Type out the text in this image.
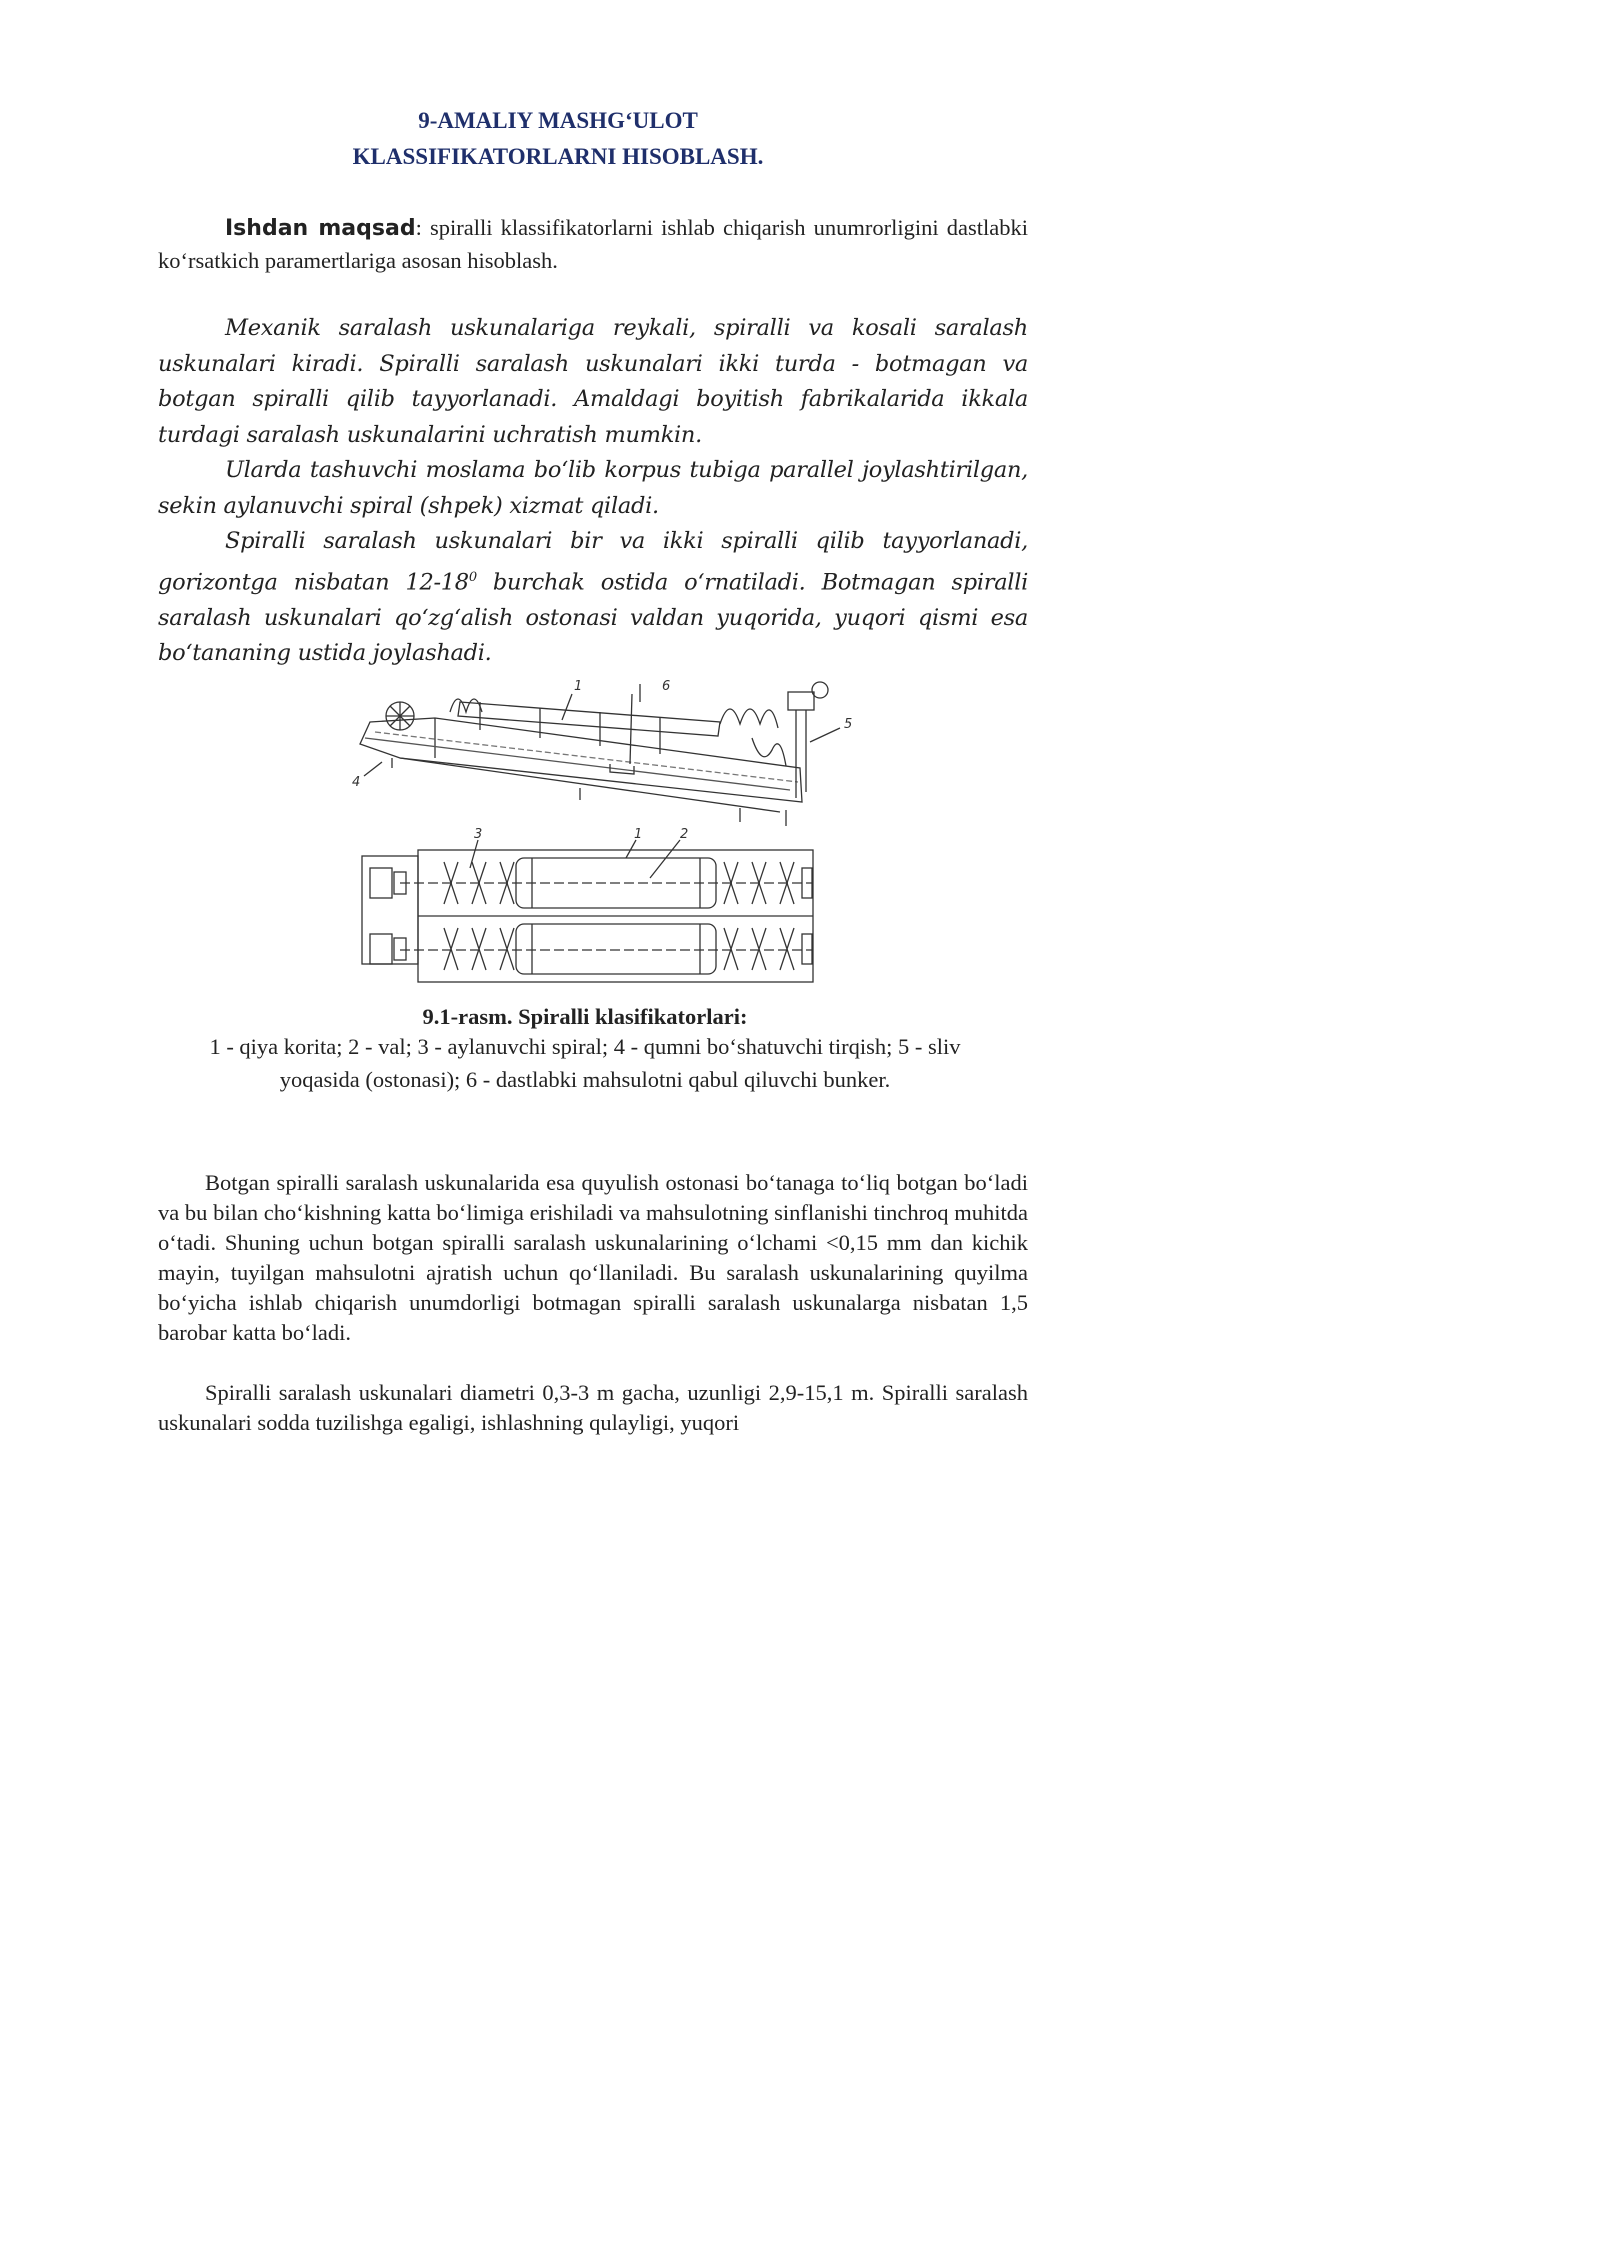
9-AMALIY MASHG‘ULOT
KLASSIFIKATORLARNI HISOBLASH.

Ishdan maqsad: spiralli klassifikatorlarni ishlab chiqarish unumrorligini dastlabki ko‘rsatkich paramertlariga asosan hisoblash.

Mexanik saralash uskunalariga reykali, spiralli va kosali saralash uskunalari kiradi. Spiralli saralash uskunalari ikki turda - botmagan va botgan spiralli qilib tayyorlanadi. Amaldagi boyitish fabrikalarida ikkala turdagi saralash uskunalarini uchratish mumkin.

Ularda tashuvchi moslama bo‘lib korpus tubiga parallel joylashtirilgan, sekin aylanuvchi spiral (shpek) xizmat qiladi.

Spiralli saralash uskunalari bir va ikki spiralli qilib tayyorlanadi, gorizontga nisbatan $12-18^0$ burchak ostida o‘rnatiladi. Botmagan spiralli saralash uskunalari qo‘zg‘alish ostonasi valdan yuqorida, yuqori qismi esa bo‘tananing ustida joylashadi.

1	6
5
4
3	1	2

9.1-rasm. Spiralli klasifikatorlari:

1 - qiya korita; 2 - val; 3 - aylanuvchi spiral; 4 - qumni bo‘shatuvchi tirqish; 5 - sliv yoqasida (ostonasi); 6 - dastlabki mahsulotni qabul qiluvchi bunker.

Botgan spiralli saralash uskunalarida esa quyulish ostonasi bo‘tanaga to‘liq botgan bo‘ladi va bu bilan cho‘kishning katta bo‘limiga erishiladi va mahsulotning sinflanishi tinchroq muhitda o‘tadi. Shuning uchun botgan spiralli saralash uskunalarining o‘lchami <0,15 mm dan kichik mayin, tuyilgan mahsulotni ajratish uchun qo‘llaniladi. Bu saralash uskunalarining quyilma bo‘yicha ishlab chiqarish unumdorligi botmagan spiralli saralash uskunalarga nisbatan 1,5 barobar katta bo‘ladi.

Spiralli saralash uskunalari diametri 0,3-3 m gacha, uzunligi 2,9-15,1 m. Spiralli saralash uskunalari sodda tuzilishga egaligi, ishlashning qulayligi, yuqori
